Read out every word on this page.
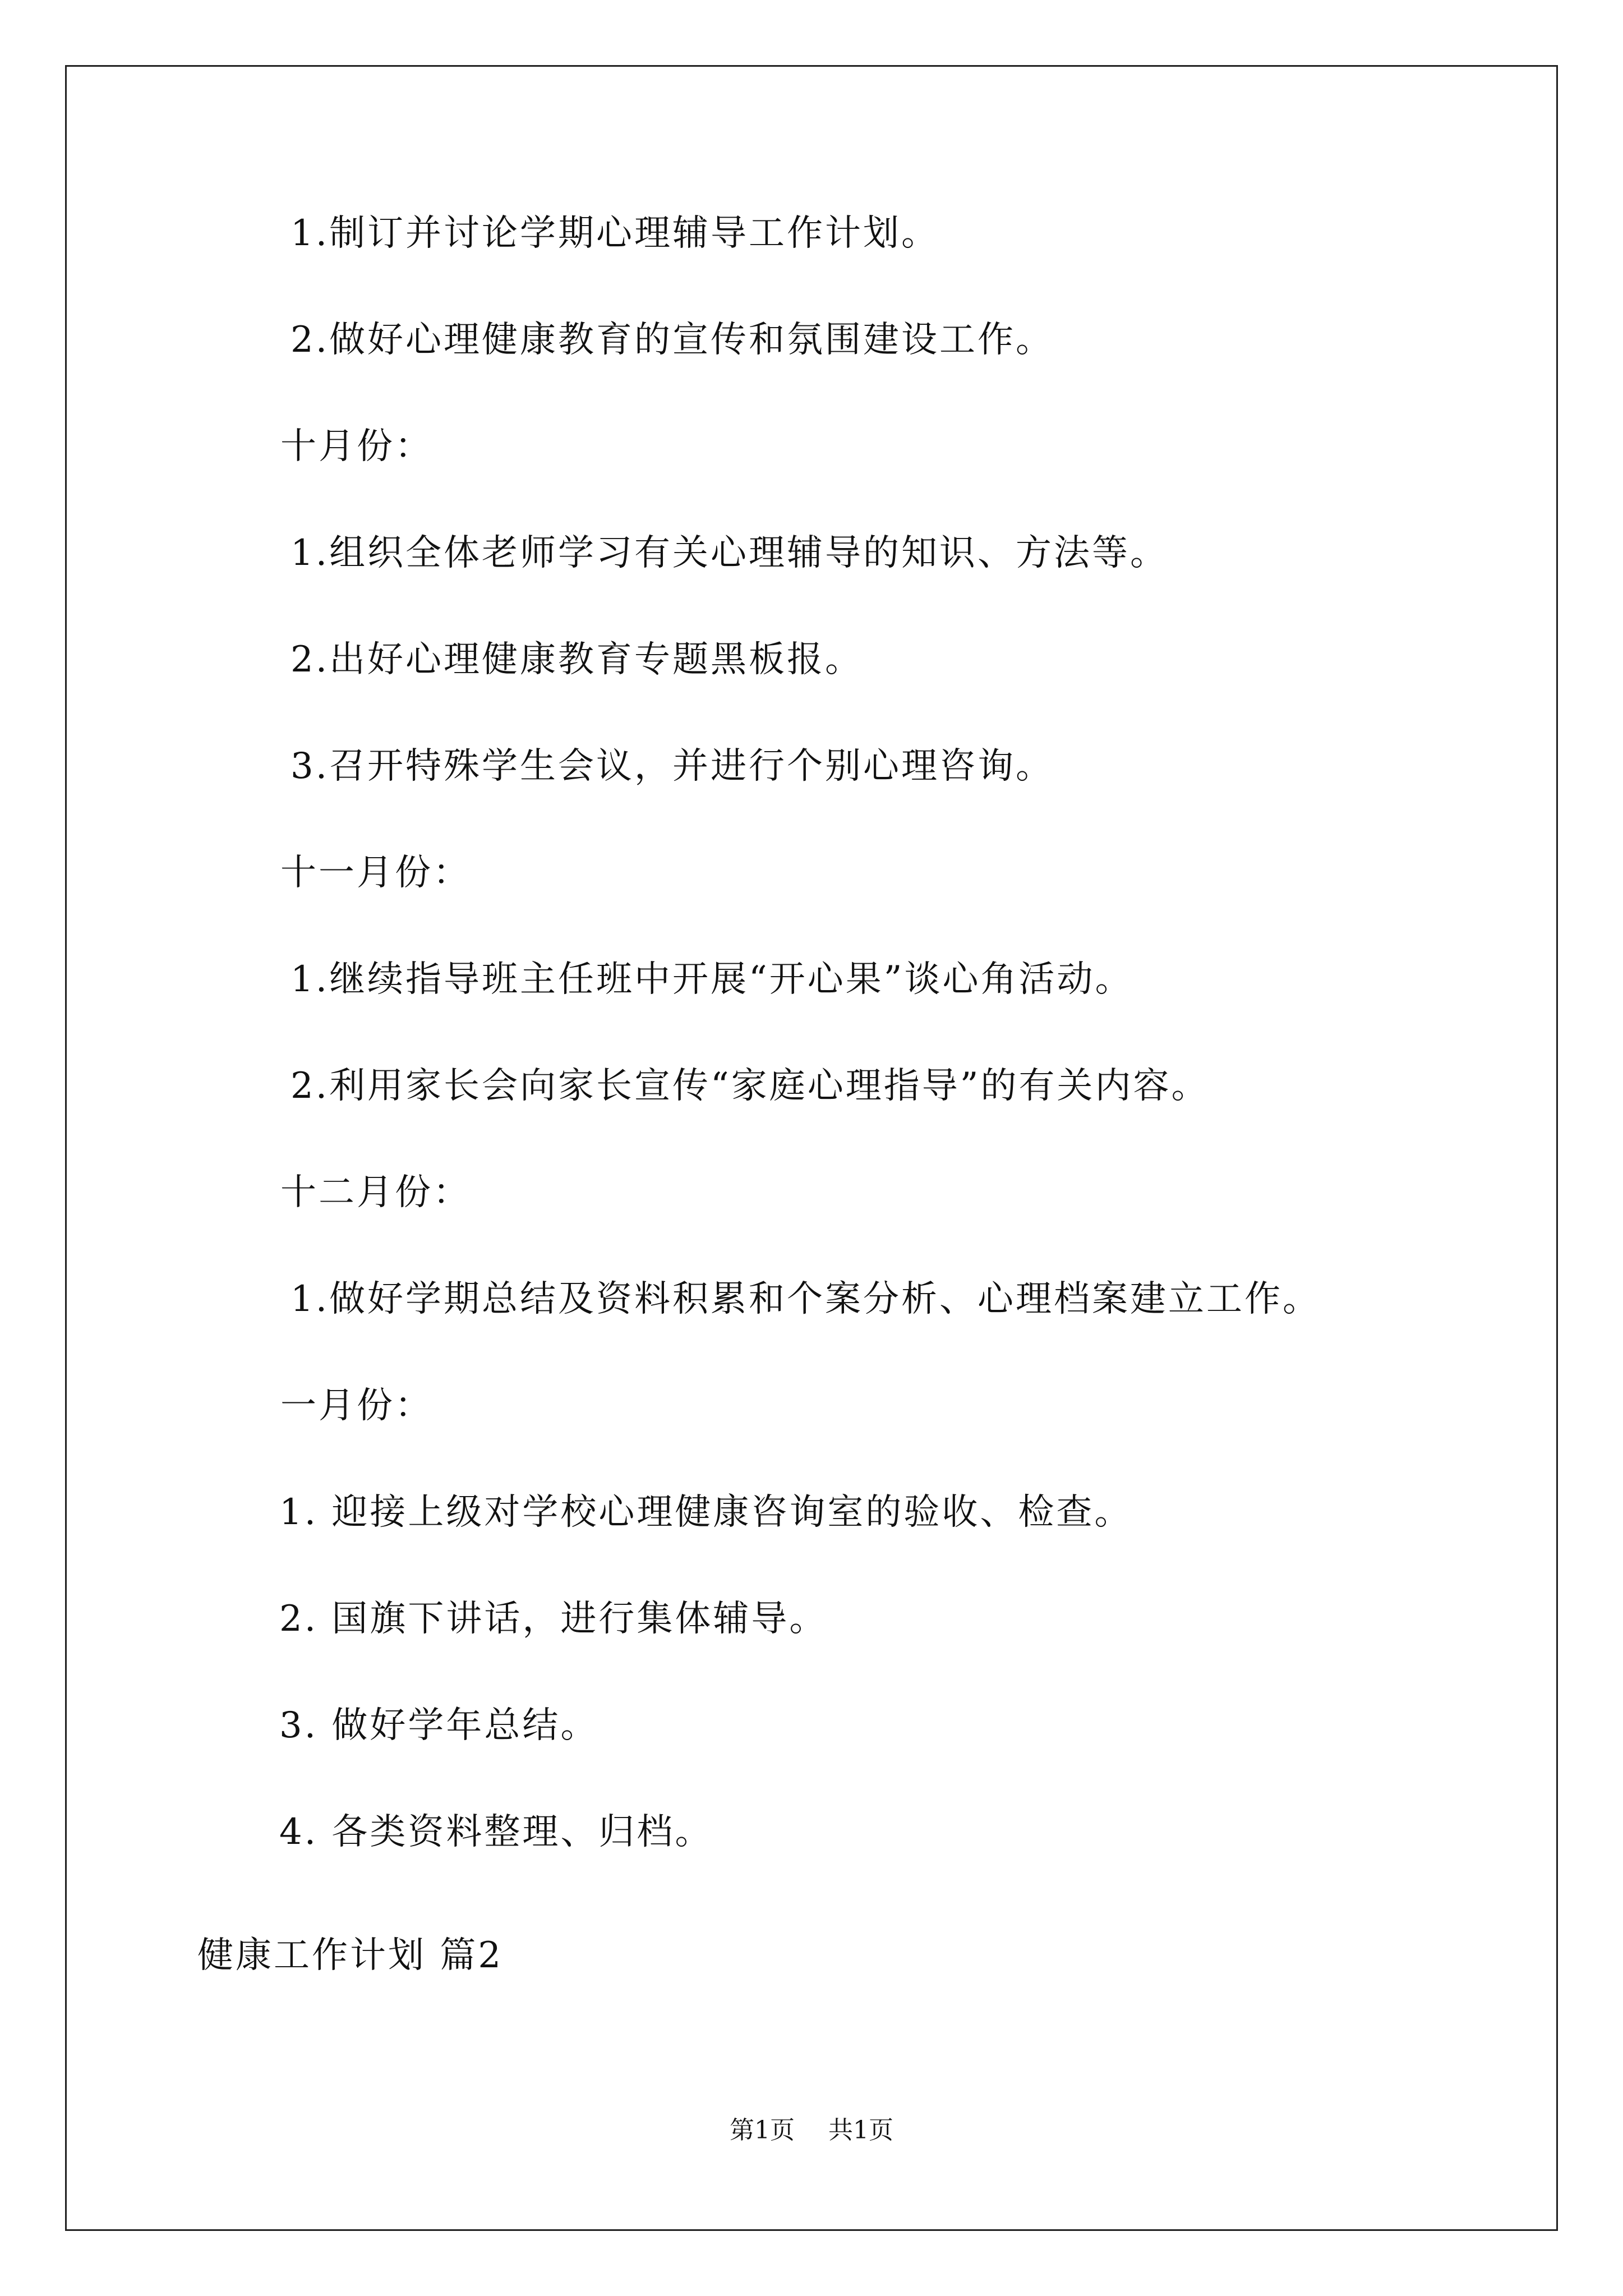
1.制订并讨论学期心理辅导工作计划。
2.做好心理健康教育的宣传和氛围建设工作。
十月份：
1.组织全体老师学习有关心理辅导的知识、方法等。
2.出好心理健康教育专题黑板报。
3.召开特殊学生会议，并进行个别心理咨询。
十一月份：
1.继续指导班主任班中开展“开心果”谈心角活动。
2.利用家长会向家长宣传“家庭心理指导”的有关内容。
十二月份：
1.做好学期总结及资料积累和个案分析、心理档案建立工作。
一月份：
1. 迎接上级对学校心理健康咨询室的验收、检查。
2. 国旗下讲话，进行集体辅导。
3. 做好学年总结。
4. 各类资料整理、归档。
健康工作计划 篇2
第1页 共1页
